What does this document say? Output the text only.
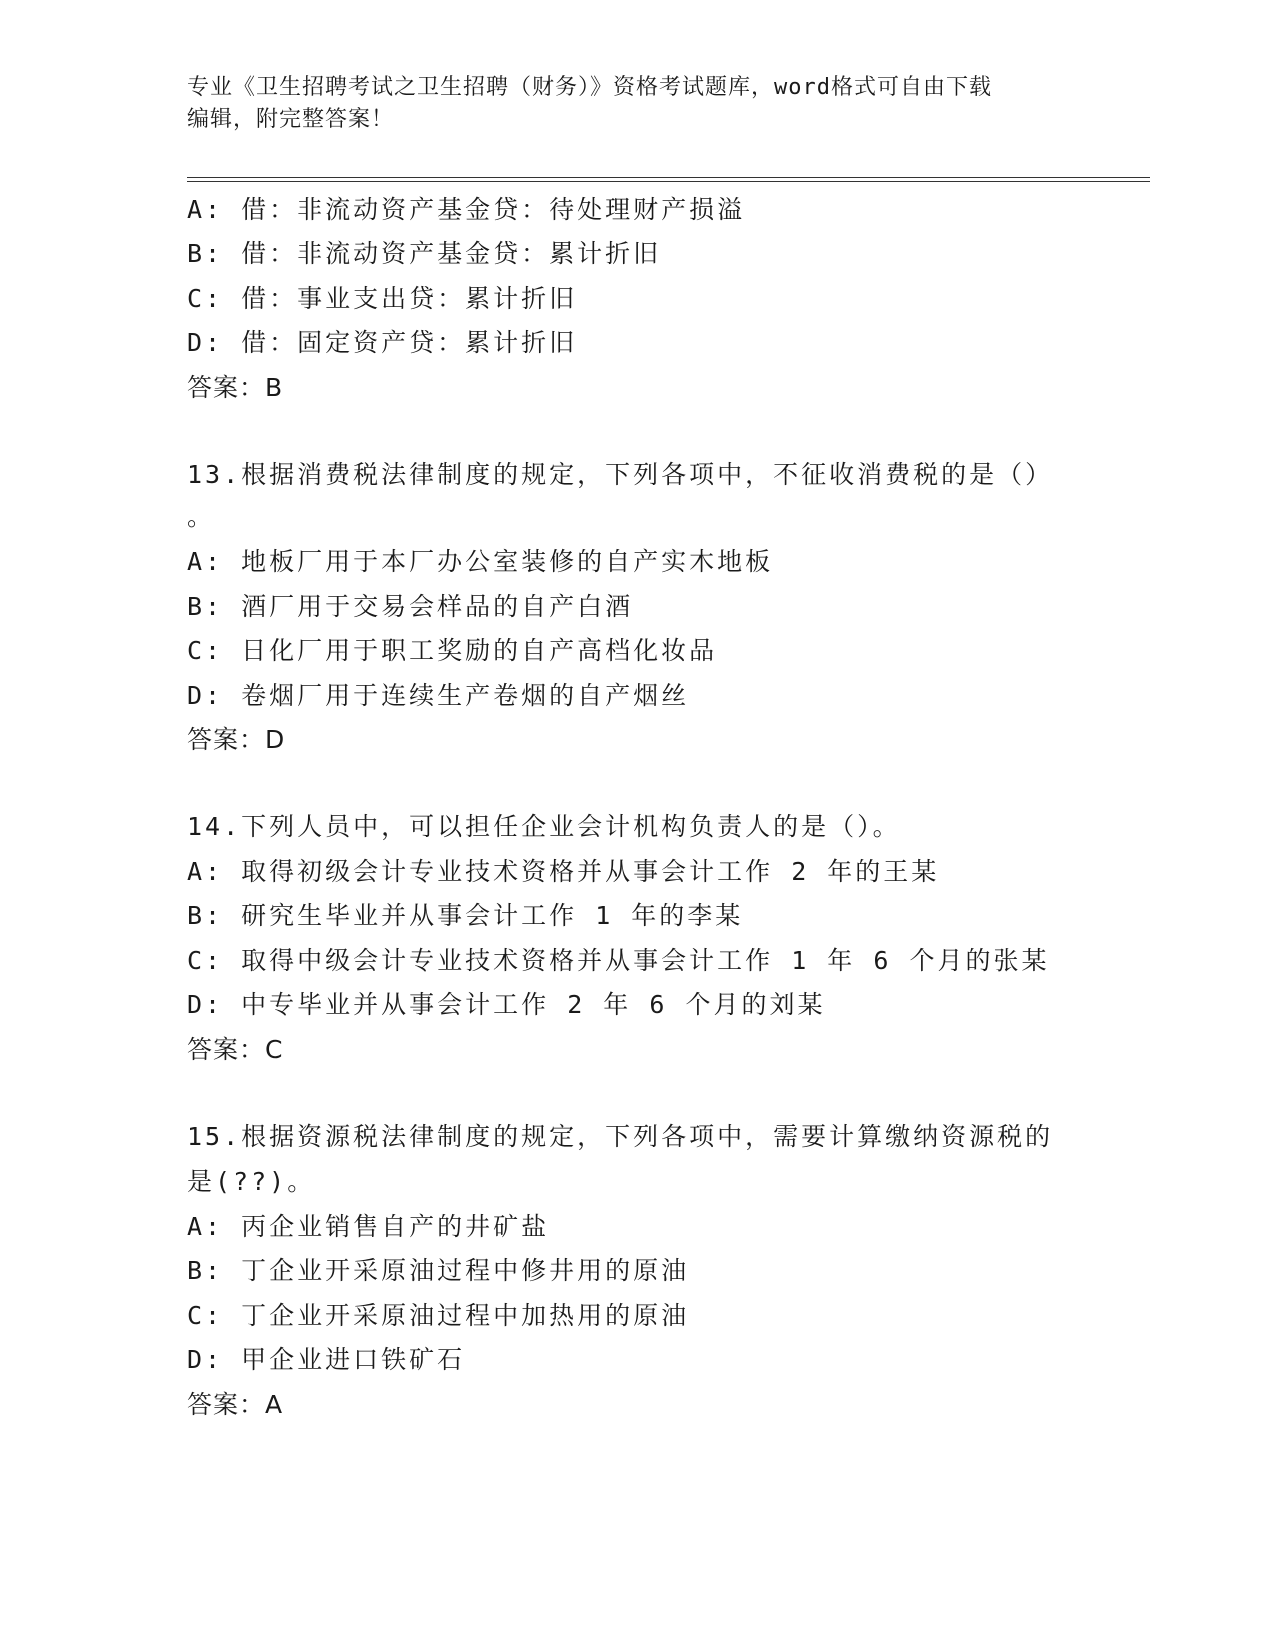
专业《卫生招聘考试之卫生招聘（财务）》资格考试题库，word格式可自由下载
编辑，附完整答案！
A: 借：非流动资产基金贷：待处理财产损溢
B: 借：非流动资产基金贷：累计折旧
C: 借：事业支出贷：累计折旧
D: 借：固定资产贷：累计折旧
答案：B
13.根据消费税法律制度的规定，下列各项中，不征收消费税的是（）
。
A: 地板厂用于本厂办公室装修的自产实木地板
B: 酒厂用于交易会样品的自产白酒
C: 日化厂用于职工奖励的自产高档化妆品
D: 卷烟厂用于连续生产卷烟的自产烟丝
答案：D
14.下列人员中，可以担任企业会计机构负责人的是（）。
A: 取得初级会计专业技术资格并从事会计工作 2 年的王某
B: 研究生毕业并从事会计工作 1 年的李某
C: 取得中级会计专业技术资格并从事会计工作 1 年 6 个月的张某
D: 中专毕业并从事会计工作 2 年 6 个月的刘某
答案：C
15.根据资源税法律制度的规定，下列各项中，需要计算缴纳资源税的
是(??)。
A: 丙企业销售自产的井矿盐
B: 丁企业开采原油过程中修井用的原油
C: 丁企业开采原油过程中加热用的原油
D: 甲企业进口铁矿石
答案：A
